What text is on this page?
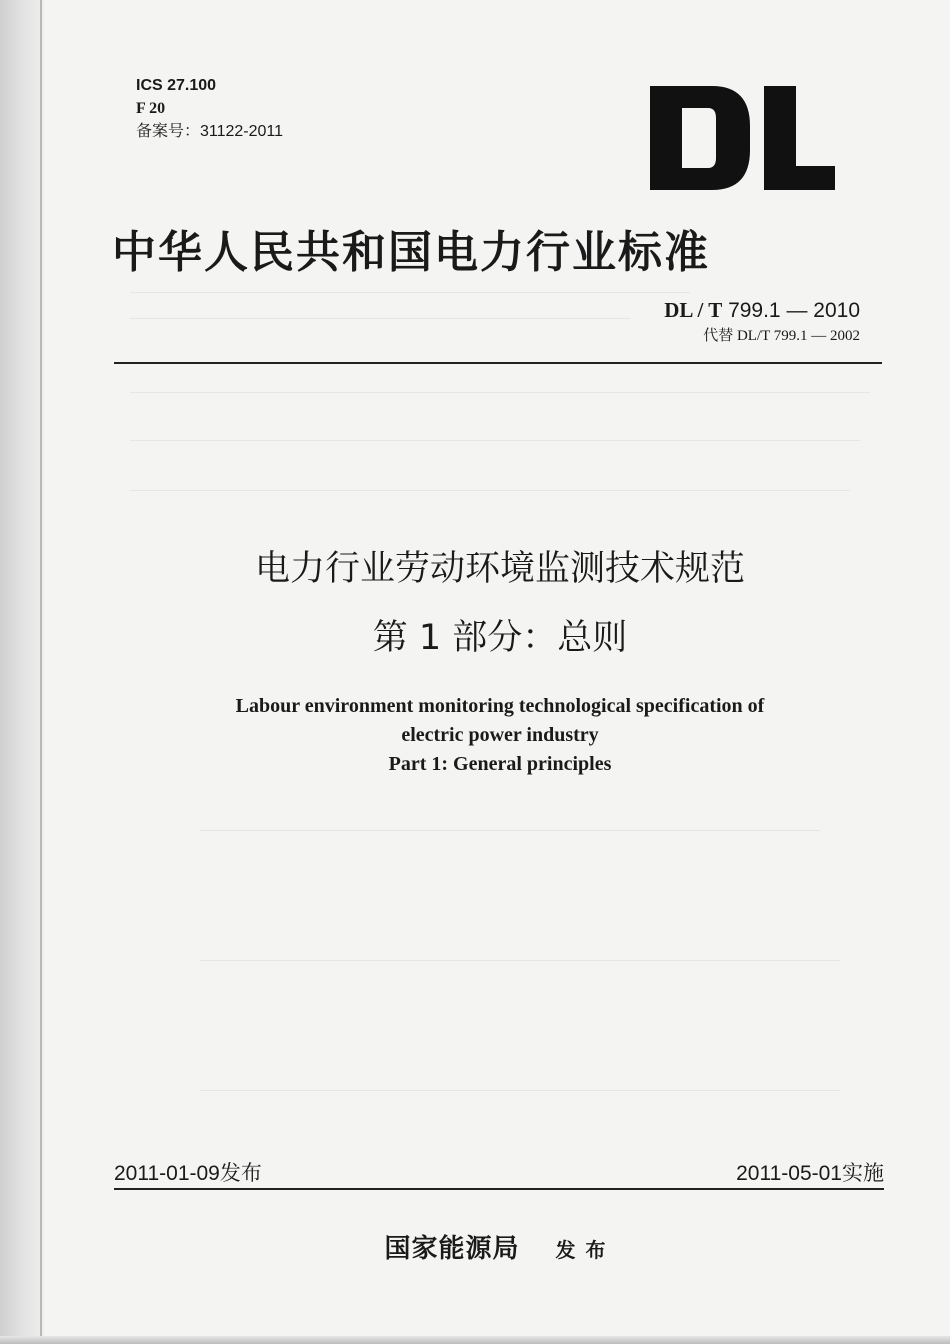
ICS 27.100
F 20
备案号：31122-2011
中华人民共和国电力行业标准
DL / T 799.1 — 2010
代替 DL/T 799.1 — 2002
电力行业劳动环境监测技术规范
第 1 部分：总则
Labour environment monitoring technological specification of
electric power industry
Part 1: General principles
2011-01-09发布	2011-05-01实施
国家能源局 发布
